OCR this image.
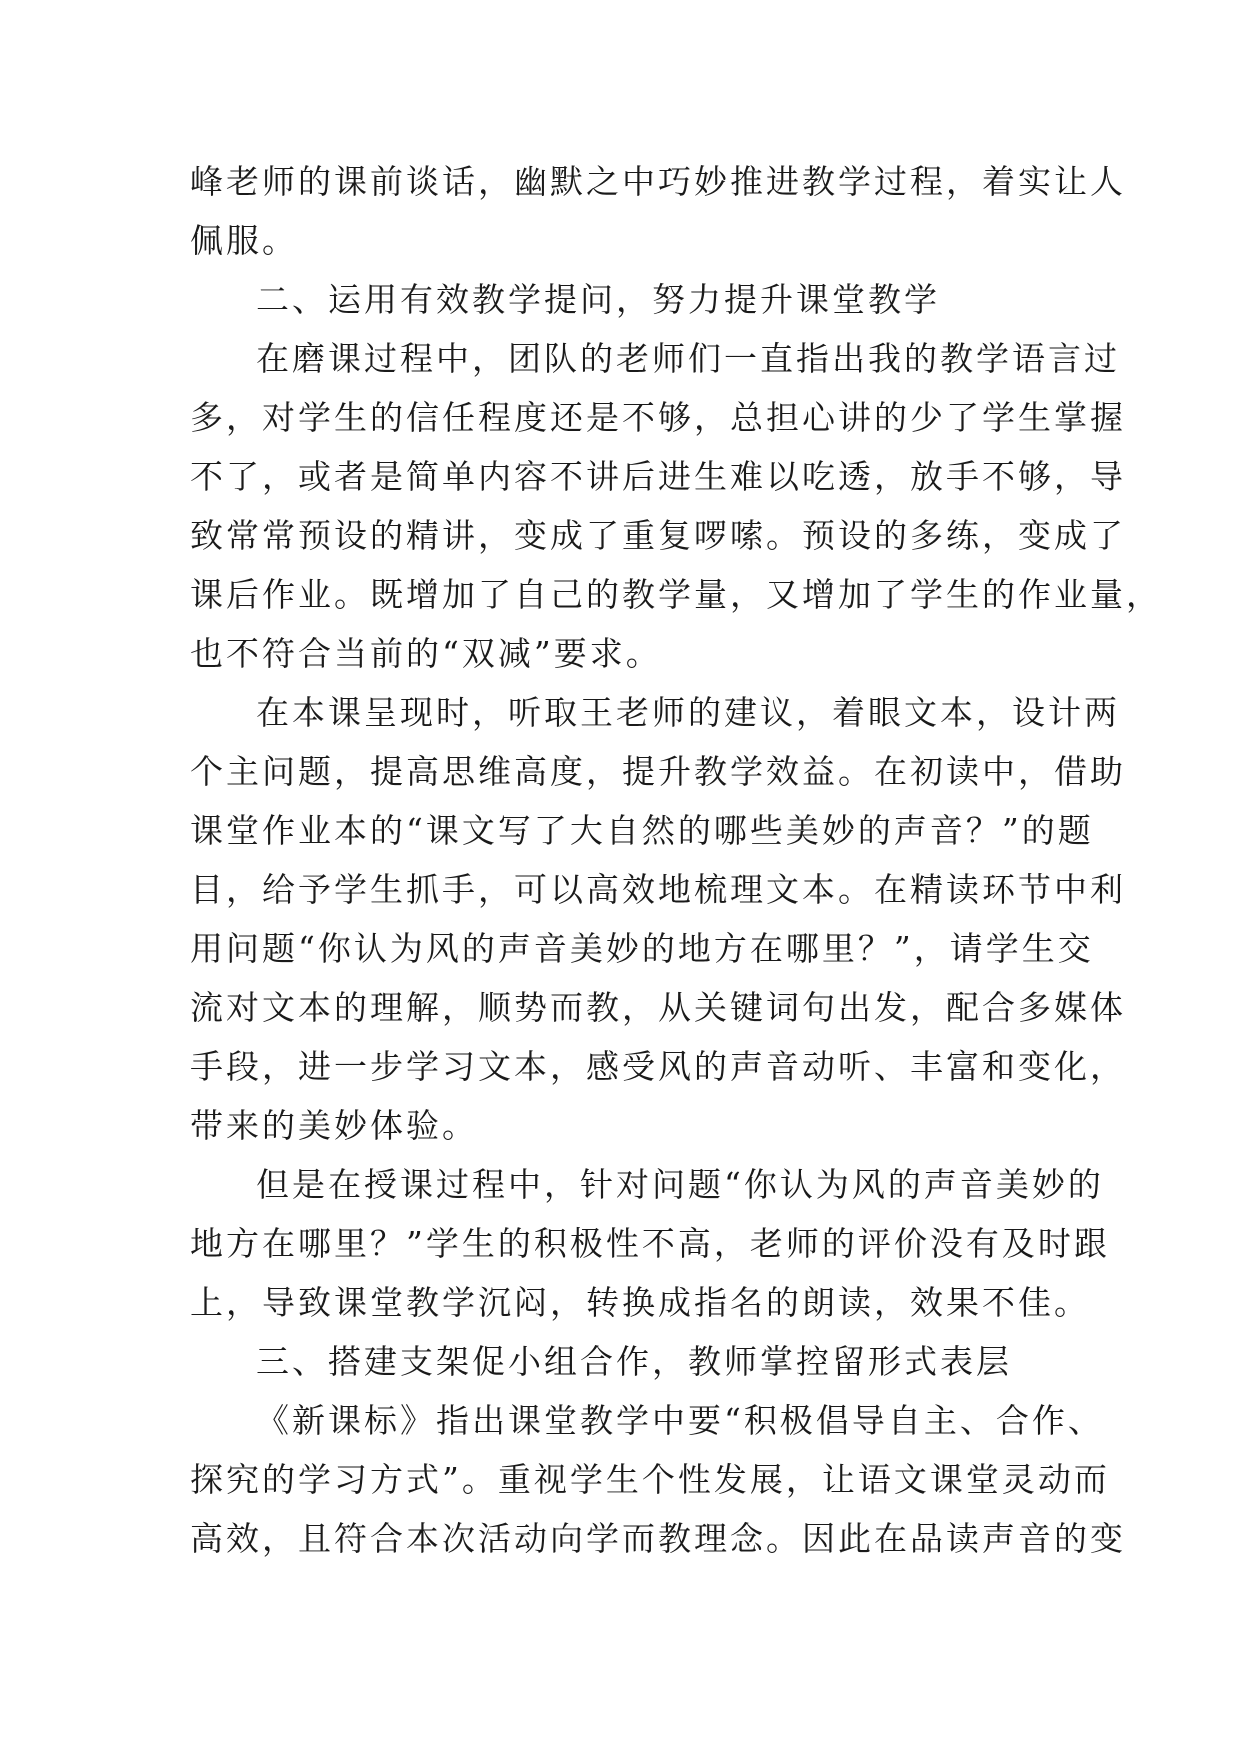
峰老师的课前谈话，幽默之中巧妙推进教学过程，着实让人
佩服。
二、运用有效教学提问，努力提升课堂教学
在磨课过程中，团队的老师们一直指出我的教学语言过
多，对学生的信任程度还是不够，总担心讲的少了学生掌握
不了，或者是简单内容不讲后进生难以吃透，放手不够，导
致常常预设的精讲，变成了重复啰嗦。预设的多练，变成了
课后作业。既增加了自己的教学量，又增加了学生的作业量，
也不符合当前的“双减”要求。
在本课呈现时，听取王老师的建议，着眼文本，设计两
个主问题，提高思维高度，提升教学效益。在初读中，借助
课堂作业本的“课文写了大自然的哪些美妙的声音？”的题
目，给予学生抓手，可以高效地梳理文本。在精读环节中利
用问题“你认为风的声音美妙的地方在哪里？”，请学生交
流对文本的理解，顺势而教，从关键词句出发，配合多媒体
手段，进一步学习文本，感受风的声音动听、丰富和变化，
带来的美妙体验。
但是在授课过程中，针对问题“你认为风的声音美妙的
地方在哪里？”学生的积极性不高，老师的评价没有及时跟
上，导致课堂教学沉闷，转换成指名的朗读，效果不佳。
三、搭建支架促小组合作，教师掌控留形式表层
《新课标》指出课堂教学中要“积极倡导自主、合作、
探究的学习方式”。重视学生个性发展，让语文课堂灵动而
高效，且符合本次活动向学而教理念。因此在品读声音的变
